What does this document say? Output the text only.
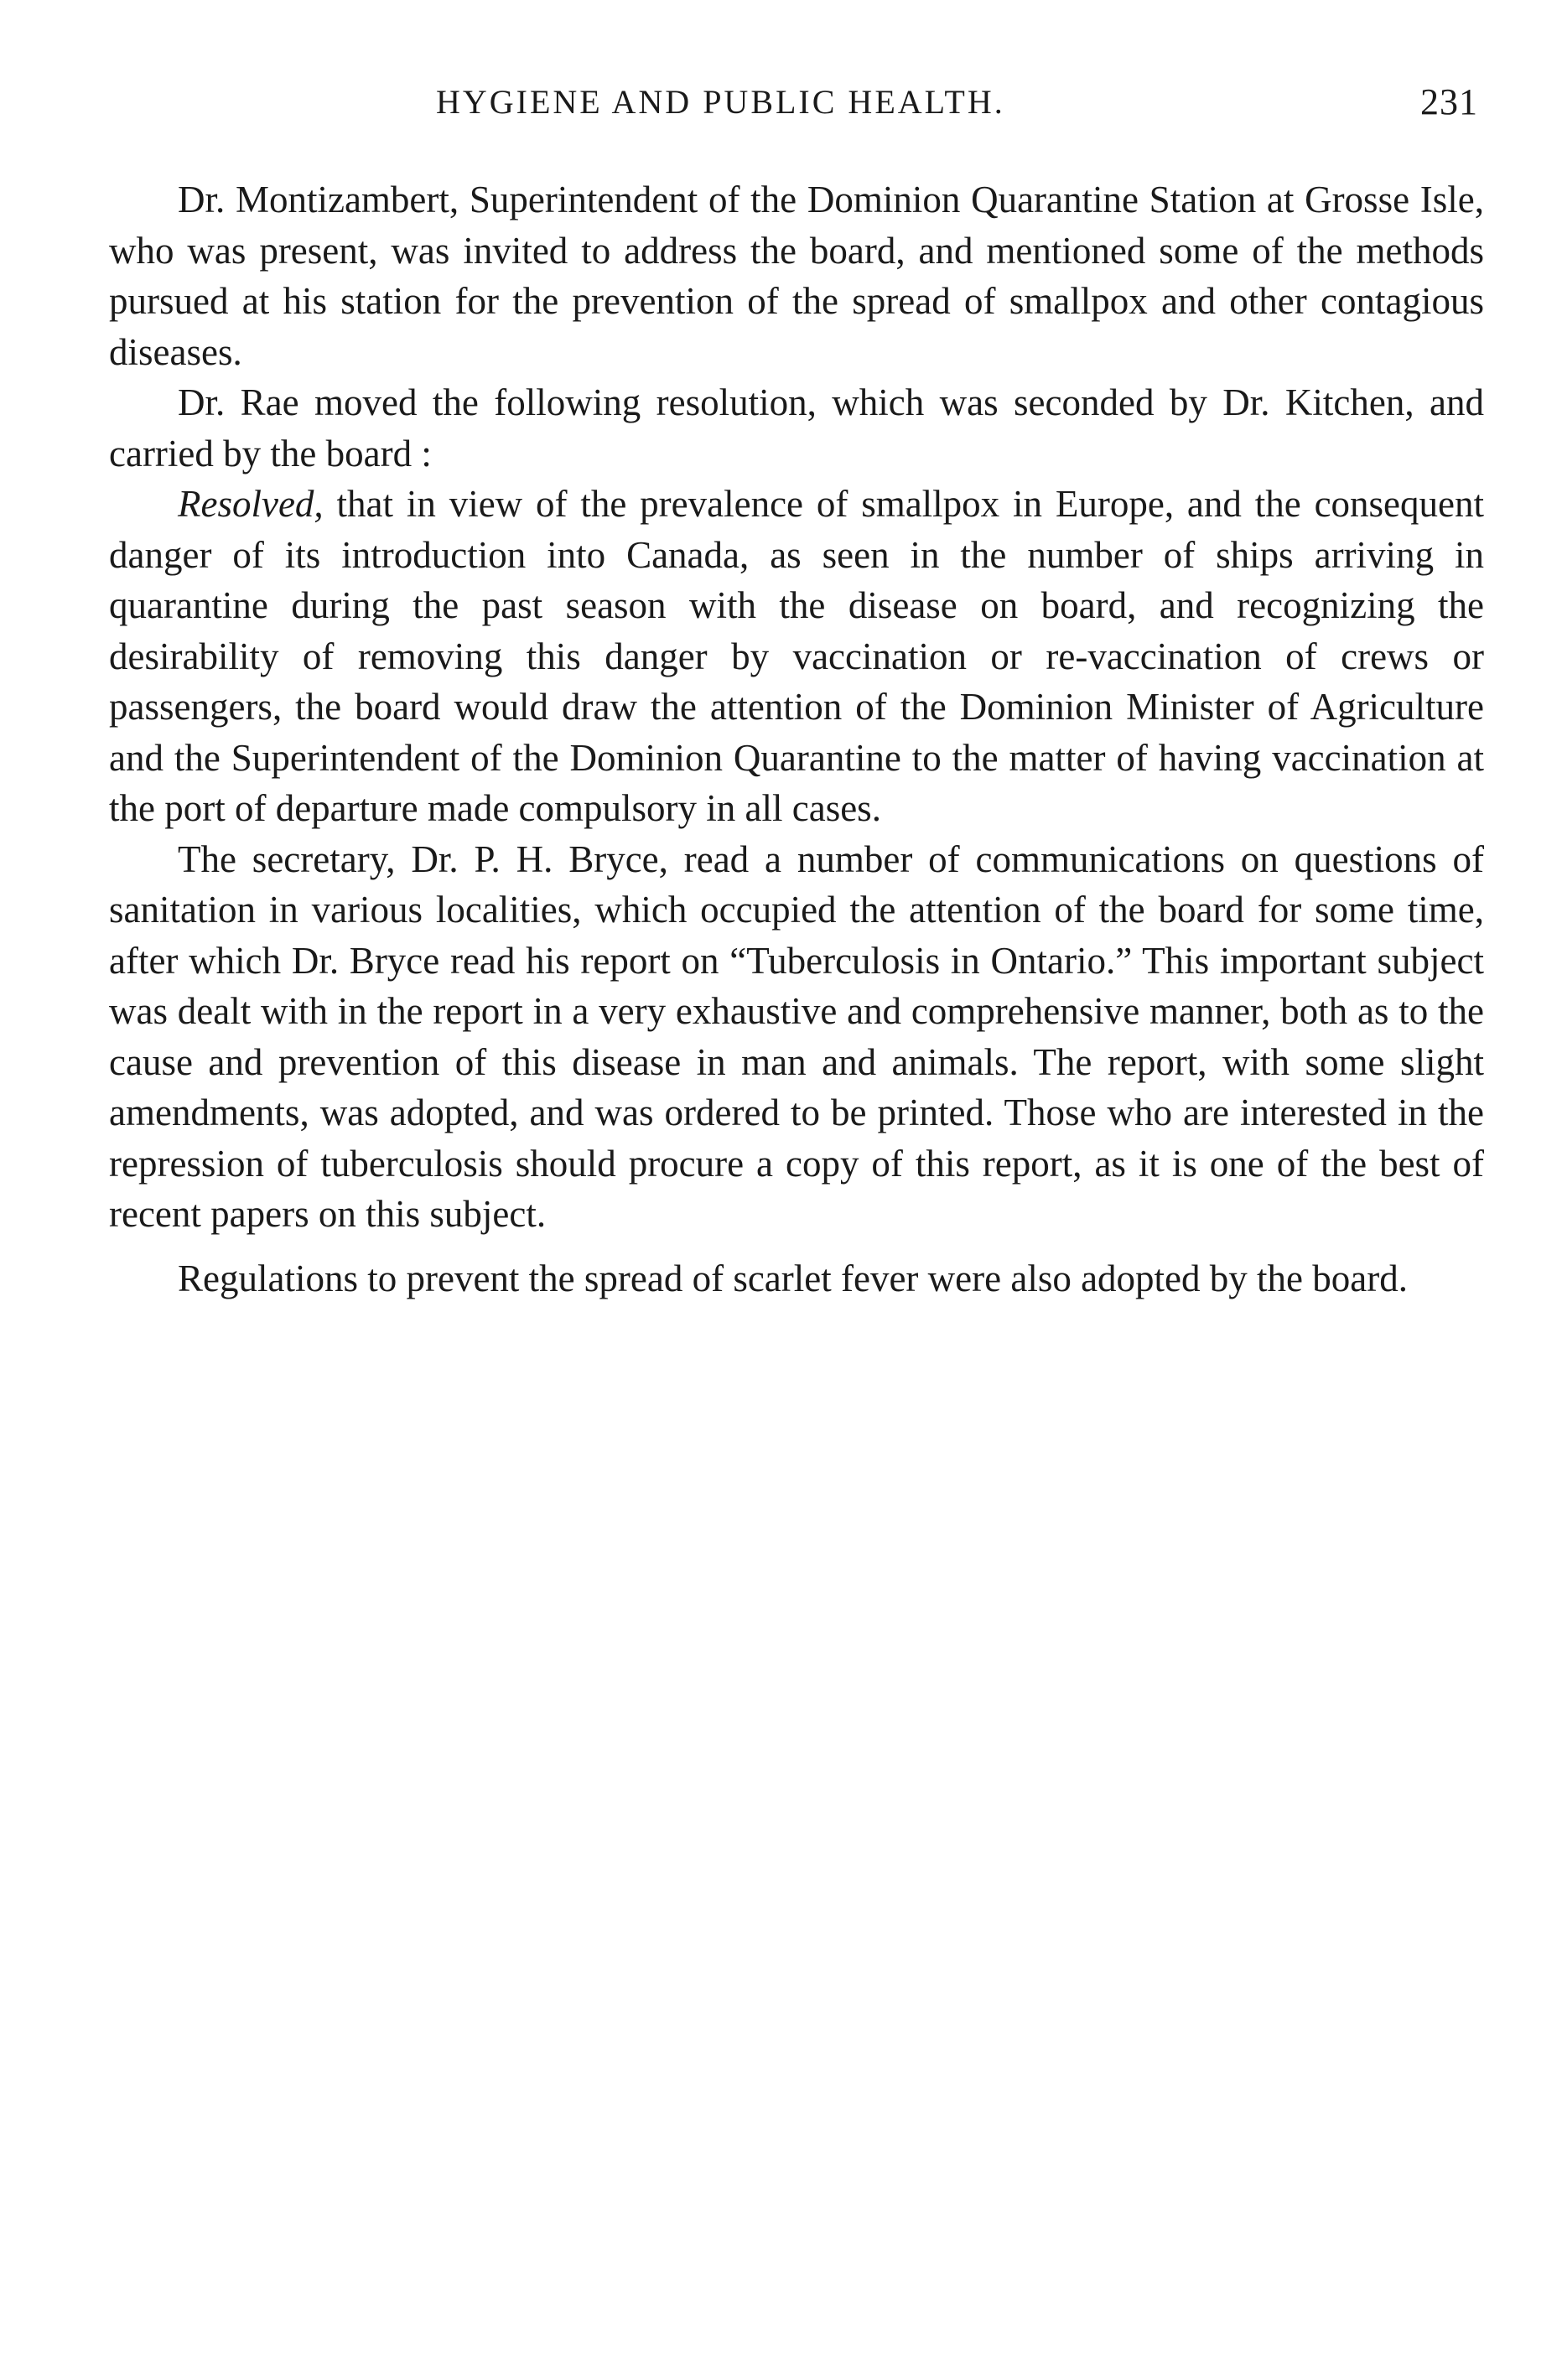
HYGIENE AND PUBLIC HEALTH.	231

Dr. Montizambert, Superintendent of the Dominion Quarantine Station at Grosse Isle, who was present, was invited to address the board, and mentioned some of the methods pursued at his station for the prevention of the spread of smallpox and other contagious diseases.

Dr. Rae moved the following resolution, which was seconded by Dr. Kitchen, and carried by the board :

Resolved, that in view of the prevalence of smallpox in Europe, and the consequent danger of its introduction into Canada, as seen in the number of ships arriving in quarantine during the past season with the disease on board, and recognizing the desirability of removing this danger by vaccination or re-vaccination of crews or passengers, the board would draw the attention of the Dominion Minister of Agriculture and the Superintendent of the Dominion Quarantine to the matter of having vaccination at the port of departure made compulsory in all cases.

The secretary, Dr. P. H. Bryce, read a number of communications on questions of sanitation in various localities, which occupied the attention of the board for some time, after which Dr. Bryce read his report on “Tuberculosis in Ontario.” This important subject was dealt with in the report in a very exhaustive and comprehensive manner, both as to the cause and prevention of this disease in man and animals. The report, with some slight amendments, was adopted, and was ordered to be printed. Those who are interested in the repression of tuberculosis should procure a copy of this report, as it is one of the best of recent papers on this subject.

Regulations to prevent the spread of scarlet fever were also adopted by the board.
